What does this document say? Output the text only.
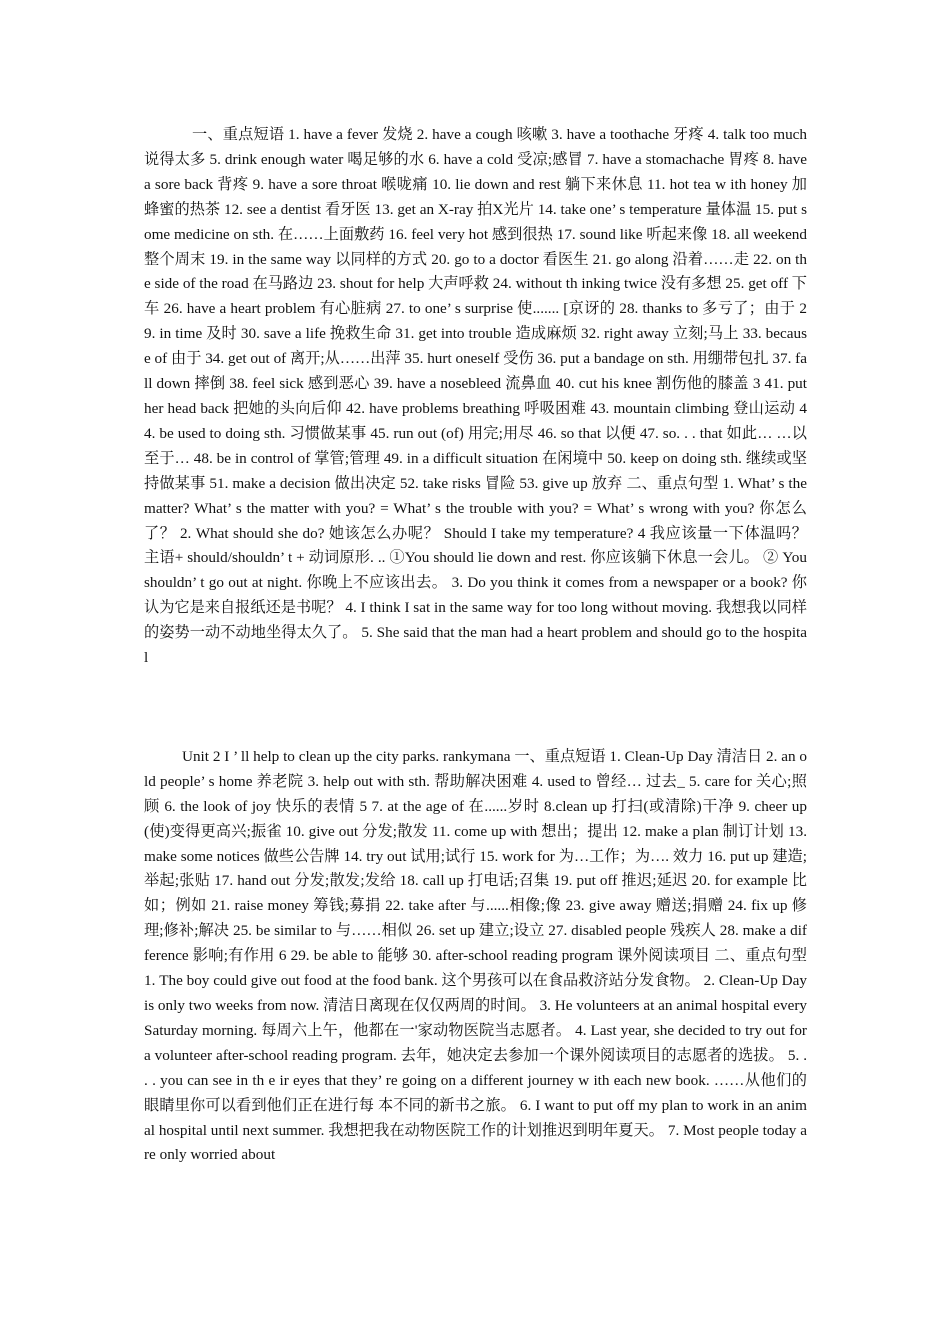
一、重点短语 1. have a fever 发烧 2. have a cough 咳嗽 3. have a toothache 牙疼 4. talk too much 说得太多 5. drink enough water 喝足够的水 6. have a cold 受凉;感冒 7. have a stomachache 胃疼 8. have a sore back 背疼 9. have a sore throat 喉咙痛 10. lie down and rest 躺下来休息 11. hot tea w ith honey 加蜂蜜的热茶 12. see a dentist 看牙医 13. get an X-ray 拍X光片 14. take one’ s temperature 量体温 15. put some medicine on sth. 在……上面敷药 16. feel very hot 感到很热 17. sound like 听起来像 18. all weekend 整个周末 19. in the same way 以同样的方式 20. go to a doctor 看医生 21. go along 沿着……走 22. on the side of the road 在马路边 23. shout for help 大声呼救 24. without th inking twice 没有多想 25. get off 下车 26. have a heart problem 有心脏病 27. to one’ s surprise 使....... [京讶的 28. thanks to 多亏了；由于 29. in time 及时 30. save a life 挽救生命 31. get into trouble 造成麻烦 32. right away 立刻;马上 33. because of 由于 34. get out of 离开;从……出萍 35. hurt oneself 受伤 36. put a bandage on sth. 用绷带包扎 37. fa ll down 摔倒 38. feel sick 感到恶心 39. have a nosebleed 流鼻血 40. cut his knee 割伤他的膝盖 3 41. put her head back 把她的头向后仰 42. have problems breathing 呼吸困难 43. mountain climbing 登山运动 44. be used to doing sth. 习惯做某事 45. run out (of) 用完;用尽 46. so that 以便 47. so. . . that 如此… …以至于… 48. be in control of 掌管;管理 49. in a difficult situation 在闲境中 50. keep on doing sth. 继续或坚持做某事 51. make a decision 做出决定 52. take risks 冒险 53. give up 放弃 二、重点句型 1. What’ s the matter? What’ s the matter with you? = What’ s the trouble with you? = What’ s wrong with you? 你怎么了？ 2. What should she do? 她该怎么办呢？ Should I take my temperature? 4 我应该量一下体温吗？ 主语+ should/shouldn’ t + 动词原形. .. ①You should lie down and rest. 你应该躺下休息一会儿。 ② You shouldn’ t go out at night. 你晚上不应该出去。 3. Do you think it comes from a newspaper or a book? 你认为它是来自报纸还是书呢？ 4. I think I sat in the same way for too long without moving. 我想我以同样的姿势一动不动地坐得太久了。 5. She said that the man had a heart problem and should go to the hospital

Unit 2 I ’ ll help to clean up the city parks. rankymana 一、重点短语 1. Clean-Up Day 清洁日 2. an old people’ s home 养老院 3. help out with sth. 帮助解决困难 4. used to 曾经… 过去_ 5. care for 关心;照顾 6. the look of joy 快乐的表情 5 7. at the age of 在......岁时 8.clean up 打扫(或清除)干净 9. cheer up (使)变得更高兴;振雀 10. give out 分发;散发 11. come up with 想出；提出 12. make a plan 制订计划 13. make some notices 做些公告牌 14. try out 试用;试行 15. work for 为…工作；为…. 效力 16. put up 建造;举起;张贴 17. hand out 分发;散发;发给 18. call up 打电话;召集 19. put off 推迟;延迟 20. for example 比如；例如 21. raise money 筹钱;募捐 22. take after 与......相像;像 23. give away 赠送;捐赠 24. fix up 修理;修补;解决 25. be similar to 与……相似 26. set up 建立;设立 27. disabled people 残疾人 28. make a difference 影响;有作用 6 29. be able to 能够 30. after-school reading program 课外阅读项目 二、重点句型 1. The boy could give out food at the food bank. 这个男孩可以在食品救济站分发食物。 2. Clean-Up Day is only two weeks from now. 清洁日离现在仅仅两周的时间。 3. He volunteers at an animal hospital every Saturday morning. 每周六上午，他都在一'家动物医院当志愿者。 4. Last year, she decided to try out for a volunteer after-school reading program. 去年，她决定去参加一个课外阅读项目的志愿者的选拔。 5. . . . you can see in th e ir eyes that they’ re going on a different journey w ith each new book. ……从他们的眼睛里你可以看到他们正在进行每 本不同的新书之旅。 6. I want to put off my plan to work in an animal hospital until next summer. 我想把我在动物医院工作的计划推迟到明年夏天。 7. Most people today are only worried about
